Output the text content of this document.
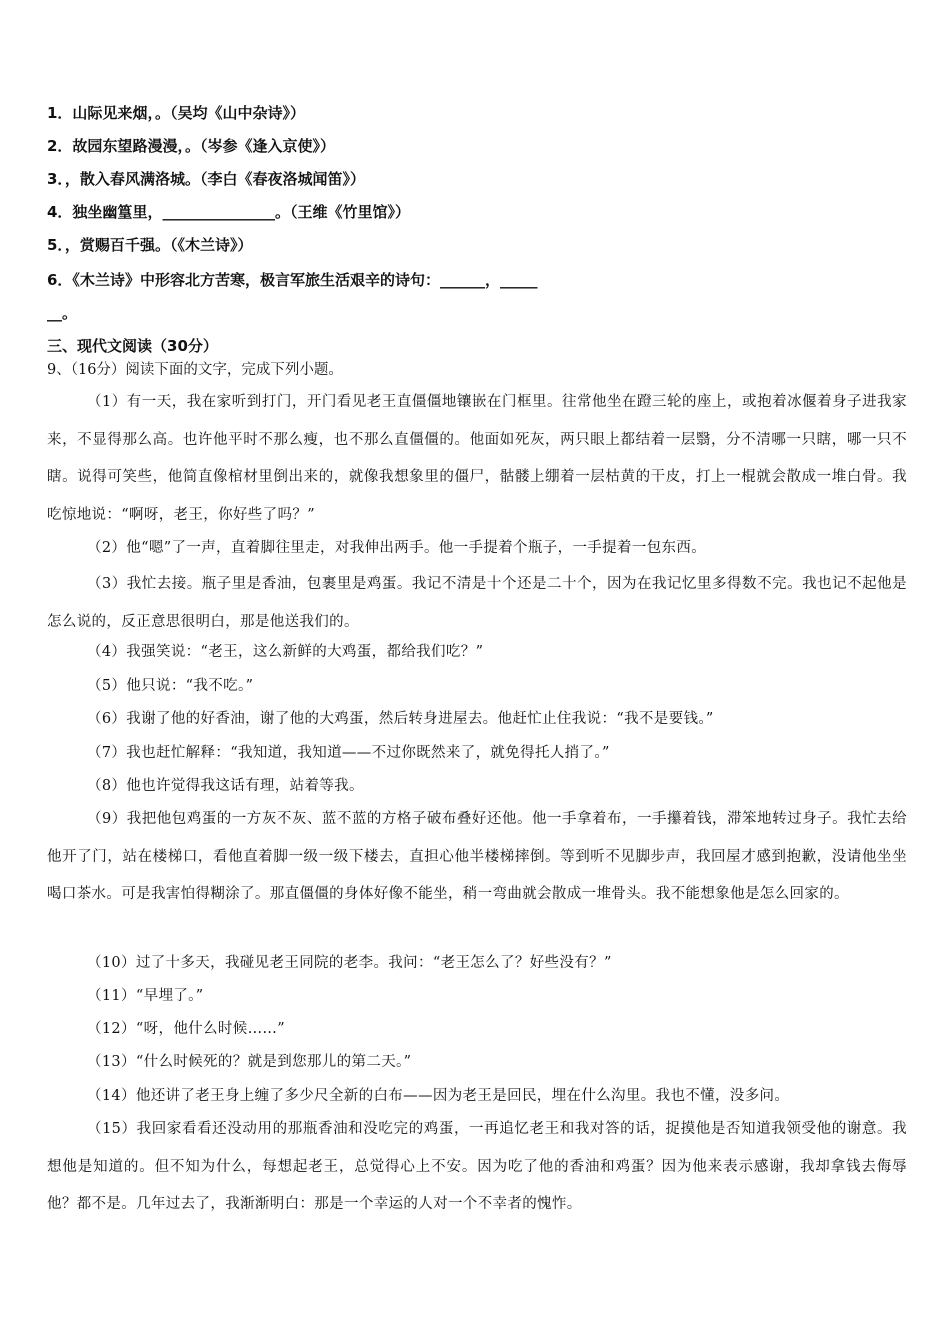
1．山际见来烟，。（吴均《山中杂诗》）
2．故园东望路漫漫，。（岑参《逢入京使》）
3．，散入春风满洛城。（李白《春夜洛城闻笛》）
4．独坐幽篁里，_______________。（王维《竹里馆》）
5．，赏赐百千强。（《木兰诗》）
6．《木兰诗》中形容北方苦寒，极言军旅生活艰辛的诗句：______，_____
__。
三、现代文阅读（30分）
9、（16分）阅读下面的文字，完成下列小题。

（1）有一天，我在家听到打门，开门看见老王直僵僵地镶嵌在门框里。往常他坐在蹬三轮的座上，或抱着冰偃着身子进我家来，不显得那么高。也许他平时不那么瘦，也不那么直僵僵的。他面如死灰，两只眼上都结着一层翳，分不清哪一只瞎，哪一只不瞎。说得可笑些，他简直像棺材里倒出来的，就像我想象里的僵尸，骷髅上绷着一层枯黄的干皮，打上一棍就会散成一堆白骨。我吃惊地说：“啊呀，老王，你好些了吗？”

（2）他“嗯”了一声，直着脚往里走，对我伸出两手。他一手提着个瓶子，一手提着一包东西。

（3）我忙去接。瓶子里是香油，包裹里是鸡蛋。我记不清是十个还是二十个，因为在我记忆里多得数不完。我也记不起他是怎么说的，反正意思很明白，那是他送我们的。

（4）我强笑说：“老王，这么新鲜的大鸡蛋，都给我们吃？”

（5）他只说：“我不吃。”

（6）我谢了他的好香油，谢了他的大鸡蛋，然后转身进屋去。他赶忙止住我说：“我不是要钱。”

（7）我也赶忙解释：“我知道，我知道——不过你既然来了，就免得托人捎了。”

（8）他也许觉得我这话有理，站着等我。

（9）我把他包鸡蛋的一方灰不灰、蓝不蓝的方格子破布叠好还他。他一手拿着布，一手攥着钱，滞笨地转过身子。我忙去给他开了门，站在楼梯口，看他直着脚一级一级下楼去，直担心他半楼梯摔倒。等到听不见脚步声，我回屋才感到抱歉，没请他坐坐喝口茶水。可是我害怕得糊涂了。那直僵僵的身体好像不能坐，稍一弯曲就会散成一堆骨头。我不能想象他是怎么回家的。

（10）过了十多天，我碰见老王同院的老李。我问：“老王怎么了？好些没有？”

（11）“早埋了。”

（12）“呀，他什么时候……”

（13）“什么时候死的？就是到您那儿的第二天。”

（14）他还讲了老王身上缠了多少尺全新的白布——因为老王是回民，埋在什么沟里。我也不懂，没多问。

（15）我回家看看还没动用的那瓶香油和没吃完的鸡蛋，一再追忆老王和我对答的话，捉摸他是否知道我领受他的谢意。我想他是知道的。但不知为什么，每想起老王，总觉得心上不安。因为吃了他的香油和鸡蛋？因为他来表示感谢，我却拿钱去侮辱他？都不是。几年过去了，我渐渐明白：那是一个幸运的人对一个不幸者的愧怍。
